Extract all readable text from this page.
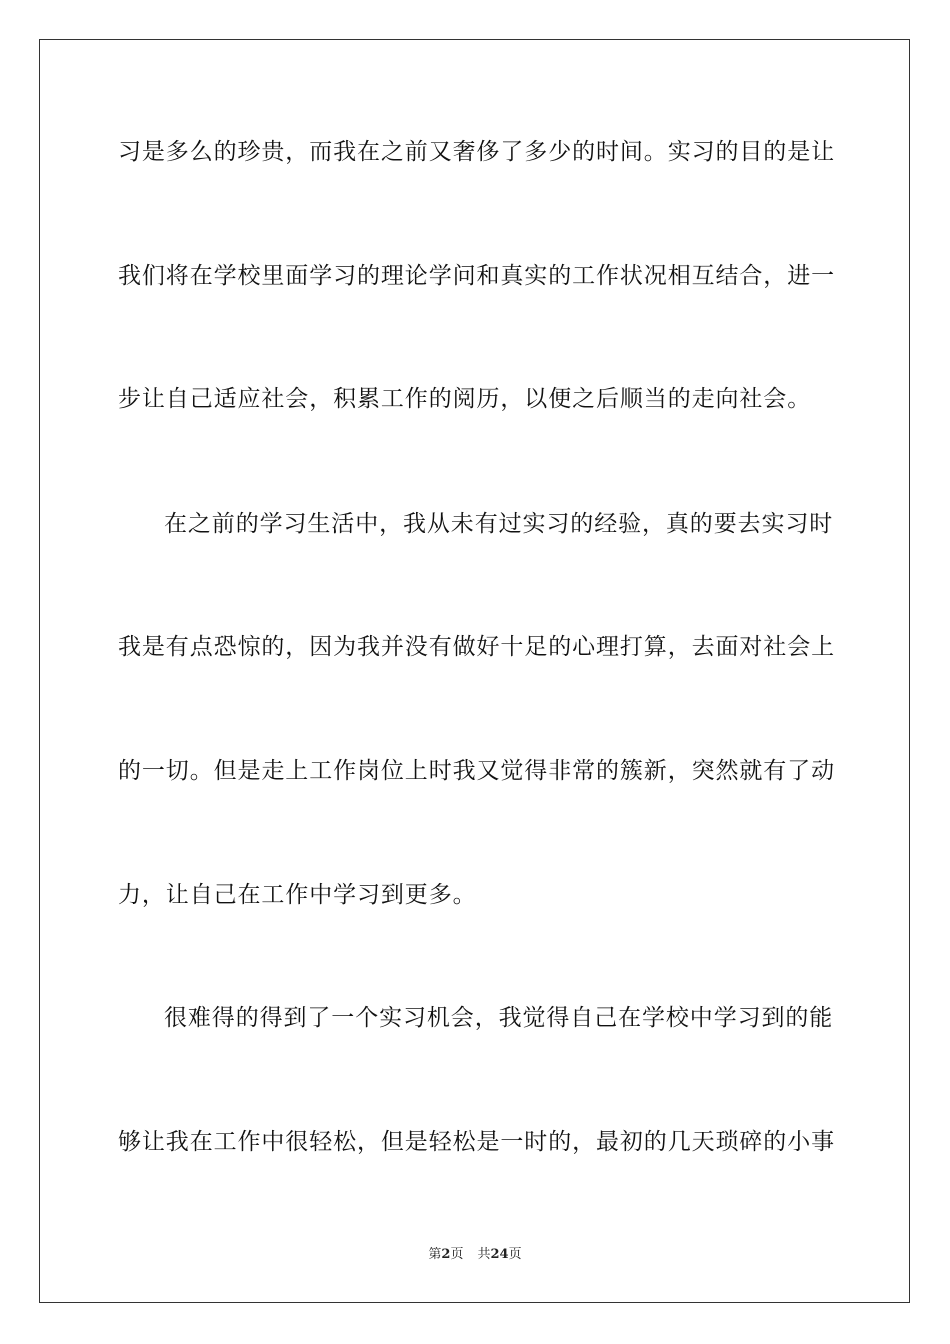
习是多么的珍贵，而我在之前又奢侈了多少的时间。实习的目的是让
我们将在学校里面学习的理论学问和真实的工作状况相互结合，进一
步让自己适应社会，积累工作的阅历，以便之后顺当的走向社会。
在之前的学习生活中，我从未有过实习的经验，真的要去实习时
我是有点恐惊的，因为我并没有做好十足的心理打算，去面对社会上
的一切。但是走上工作岗位上时我又觉得非常的簇新，突然就有了动
力，让自己在工作中学习到更多。
很难得的得到了一个实习机会，我觉得自己在学校中学习到的能
够让我在工作中很轻松，但是轻松是一时的，最初的几天琐碎的小事
第2页 共24页
